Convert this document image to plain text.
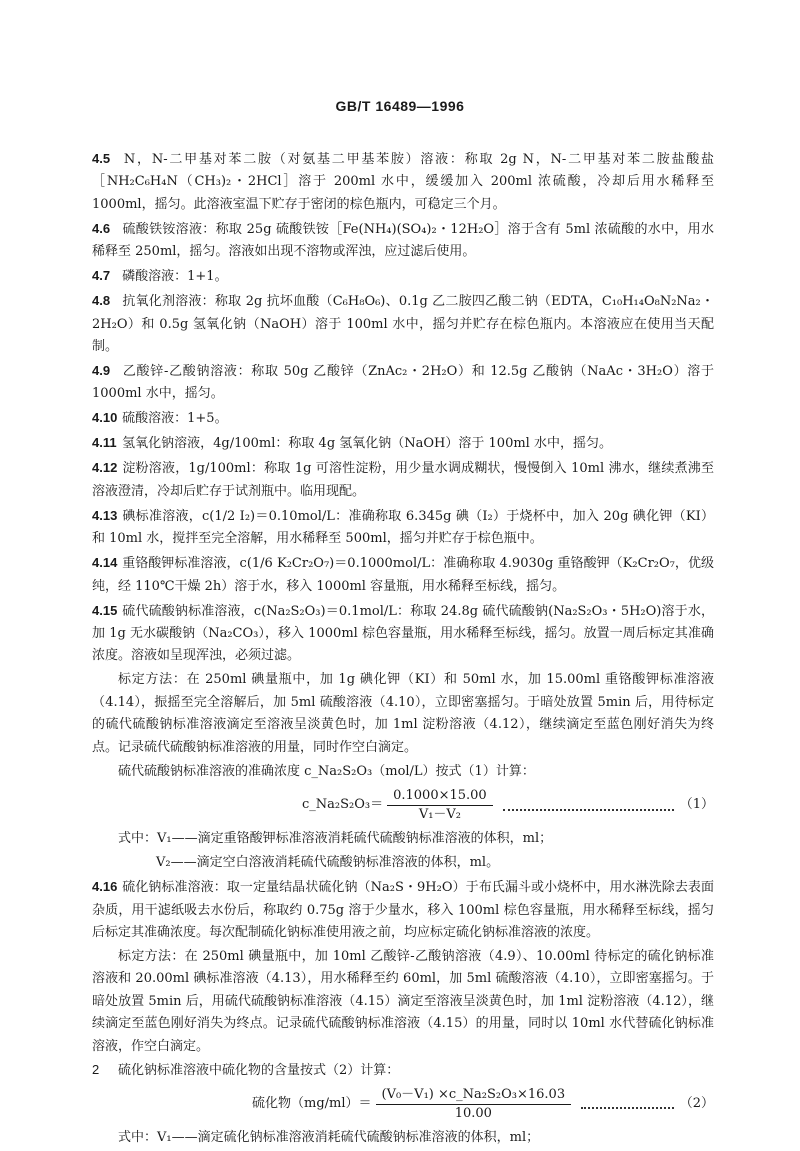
GB/T 16489—1996

4.5 N，N-二甲基对苯二胺（对氨基二甲基苯胺）溶液：称取 2g N，N-二甲基对苯二胺盐酸盐［NH₂C₆H₄N（CH₃)₂・2HCl］溶于 200ml 水中，缓缓加入 200ml 浓硫酸，冷却后用水稀释至 1000ml，摇匀。此溶液室温下贮存于密闭的棕色瓶内，可稳定三个月。

4.6 硫酸铁铵溶液：称取 25g 硫酸铁铵［Fe(NH₄)(SO₄)₂・12H₂O］溶于含有 5ml 浓硫酸的水中，用水稀释至 250ml，摇匀。溶液如出现不溶物或浑浊，应过滤后使用。

4.7 磷酸溶液：1+1。

4.8 抗氧化剂溶液：称取 2g 抗坏血酸（C₆H₈O₆)、0.1g 乙二胺四乙酸二钠（EDTA，C₁₀H₁₄O₈N₂Na₂・2H₂O）和 0.5g 氢氧化钠（NaOH）溶于 100ml 水中，摇匀并贮存在棕色瓶内。本溶液应在使用当天配制。

4.9 乙酸锌-乙酸钠溶液：称取 50g 乙酸锌（ZnAc₂・2H₂O）和 12.5g 乙酸钠（NaAc・3H₂O）溶于 1000ml 水中，摇匀。

4.10 硫酸溶液：1+5。

4.11 氢氧化钠溶液，4g/100ml：称取 4g 氢氧化钠（NaOH）溶于 100ml 水中，摇匀。

4.12 淀粉溶液，1g/100ml：称取 1g 可溶性淀粉，用少量水调成糊状，慢慢倒入 10ml 沸水，继续煮沸至溶液澄清，冷却后贮存于试剂瓶中。临用现配。

4.13 碘标准溶液，c(1/2 I₂)＝0.10mol/L：准确称取 6.345g 碘（I₂）于烧杯中，加入 20g 碘化钾（KI）和 10ml 水，搅拌至完全溶解，用水稀释至 500ml，摇匀并贮存于棕色瓶中。

4.14 重铬酸钾标准溶液，c(1/6 K₂Cr₂O₇)＝0.1000mol/L：准确称取 4.9030g 重铬酸钾（K₂Cr₂O₇，优级纯，经 110℃干燥 2h）溶于水，移入 1000ml 容量瓶，用水稀释至标线，摇匀。

4.15 硫代硫酸钠标准溶液，c(Na₂S₂O₃)＝0.1mol/L：称取 24.8g 硫代硫酸钠(Na₂S₂O₃・5H₂O)溶于水，加 1g 无水碳酸钠（Na₂CO₃），移入 1000ml 棕色容量瓶，用水稀释至标线，摇匀。放置一周后标定其准确浓度。溶液如呈现浑浊，必须过滤。

标定方法：在 250ml 碘量瓶中，加 1g 碘化钾（KI）和 50ml 水，加 15.00ml 重铬酸钾标准溶液（4.14），振摇至完全溶解后，加 5ml 硫酸溶液（4.10），立即密塞摇匀。于暗处放置 5min 后，用待标定的硫代硫酸钠标准溶液滴定至溶液呈淡黄色时，加 1ml 淀粉溶液（4.12），继续滴定至蓝色刚好消失为终点。记录硫代硫酸钠标准溶液的用量，同时作空白滴定。

硫代硫酸钠标准溶液的准确浓度 c_Na₂S₂O₃（mol/L）按式（1）计算：

c_Na₂S₂O₃＝ $\frac{0.1000\times 15.00}{\text{V₁－V₂}}$	（1）

式中：V₁——滴定重铬酸钾标准溶液消耗硫代硫酸钠标准溶液的体积，ml；

V₂——滴定空白溶液消耗硫代硫酸钠标准溶液的体积，ml。

4.16 硫化钠标准溶液：取一定量结晶状硫化钠（Na₂S・9H₂O）于布氏漏斗或小烧杯中，用水淋洗除去表面杂质，用干滤纸吸去水份后，称取约 0.75g 溶于少量水，移入 100ml 棕色容量瓶，用水稀释至标线，摇匀后标定其准确浓度。每次配制硫化钠标准使用液之前，均应标定硫化钠标准溶液的浓度。

标定方法：在 250ml 碘量瓶中，加 10ml 乙酸锌-乙酸钠溶液（4.9）、10.00ml 待标定的硫化钠标准溶液和 20.00ml 碘标准溶液（4.13），用水稀释至约 60ml，加 5ml 硫酸溶液（4.10），立即密塞摇匀。于暗处放置 5min 后，用硫代硫酸钠标准溶液（4.15）滴定至溶液呈淡黄色时，加 1ml 淀粉溶液（4.12），继续滴定至蓝色刚好消失为终点。记录硫代硫酸钠标准溶液（4.15）的用量，同时以 10ml 水代替硫化钠标准溶液，作空白滴定。

硫化钠标准溶液中硫化物的含量按式（2）计算：

硫化物$(mg/ml)= \frac{\text{(V₀－V₁) ×c\_Na₂S₂O₃×16.03}}{10.00}$	（2）

式中：V₁——滴定硫化钠标准溶液消耗硫代硫酸钠标准溶液的体积，ml；

2
